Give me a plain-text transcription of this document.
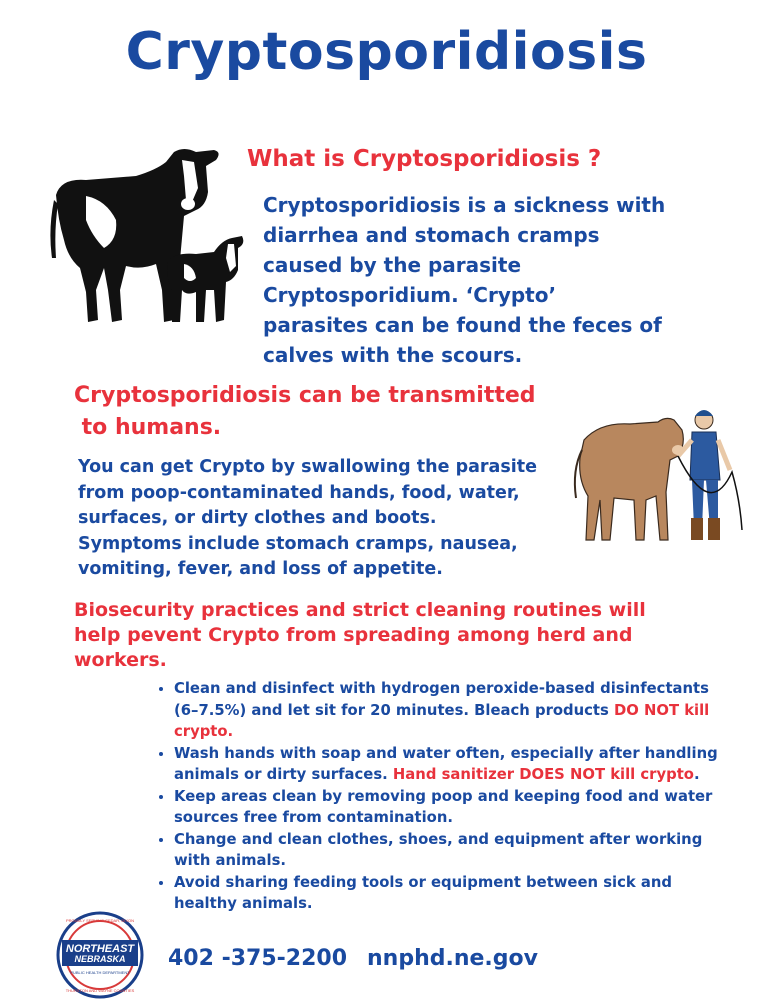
Cryptosporidiosis
What is Cryptosporidiosis ?
Cryptosporidiosis is a sickness with
diarrhea and stomach cramps
caused by the parasite
Cryptosporidium. ‘Crypto’
parasites can be found the feces of
calves with the scours.
Cryptosporidiosis can be transmitted
to humans.
You can get Crypto by swallowing the parasite
from poop-contaminated hands, food, water,
surfaces, or dirty clothes and boots.
Symptoms include stomach cramps, nausea,
vomiting, fever, and loss of appetite.
Biosecurity practices and strict cleaning routines will
help pevent Crypto from spreading among herd and
workers.
• Clean and disinfect with hydrogen peroxide-based disinfectants (6–7.5%) and let sit for 20 minutes. Bleach products DO NOT kill crypto.
• Wash hands with soap and water often, especially after handling animals or dirty surfaces. Hand sanitizer DOES NOT kill crypto.
• Keep areas clean by removing poop and keeping food and water sources free from contamination.
• Change and clean clothes, shoes, and equipment after working with animals.
• Avoid sharing feeding tools or equipment between sick and healthy animals.
NORTHEAST
NEBRASKA
PUBLIC HEALTH DEPARTMENT
PROUDLY SERVING CEDAR, DIXON
THURSTON AND WAYNE COUNTIES
402 -375-2200 nnphd.ne.gov
